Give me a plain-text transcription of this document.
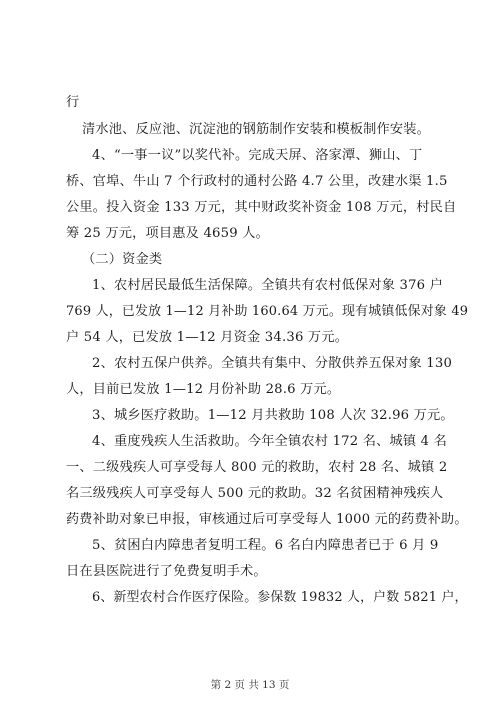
行
清水池、反应池、沉淀池的钢筋制作安装和模板制作安装。
4、“一事一议”以奖代补。完成天屏、洛家潭、狮山、丁
桥、官埠、牛山 7 个行政村的通村公路 4.7 公里，改建水渠 1.5
公里。投入资金 133 万元，其中财政奖补资金 108 万元，村民自
筹 25 万元，项目惠及 4659 人。
（二）资金类
1、农村居民最低生活保障。全镇共有农村低保对象 376 户
769 人，已发放 1—12 月补助 160.64 万元。现有城镇低保对象 49
户 54 人，已发放 1—12 月资金 34.36 万元。
2、农村五保户供养。全镇共有集中、分散供养五保对象 130
人，目前已发放 1—12 月份补助 28.6 万元。
3、城乡医疗救助。1—12 月共救助 108 人次 32.96 万元。
4、重度残疾人生活救助。今年全镇农村 172 名、城镇 4 名
一、二级残疾人可享受每人 800 元的救助，农村 28 名、城镇 2
名三级残疾人可享受每人 500 元的救助。32 名贫困精神残疾人
药费补助对象已申报，审核通过后可享受每人 1000 元的药费补助。
5、贫困白内障患者复明工程。6 名白内障患者已于 6 月 9
日在县医院进行了免费复明手术。
6、新型农村合作医疗保险。参保数 19832 人，户数 5821 户，
第 2 页 共 13 页
